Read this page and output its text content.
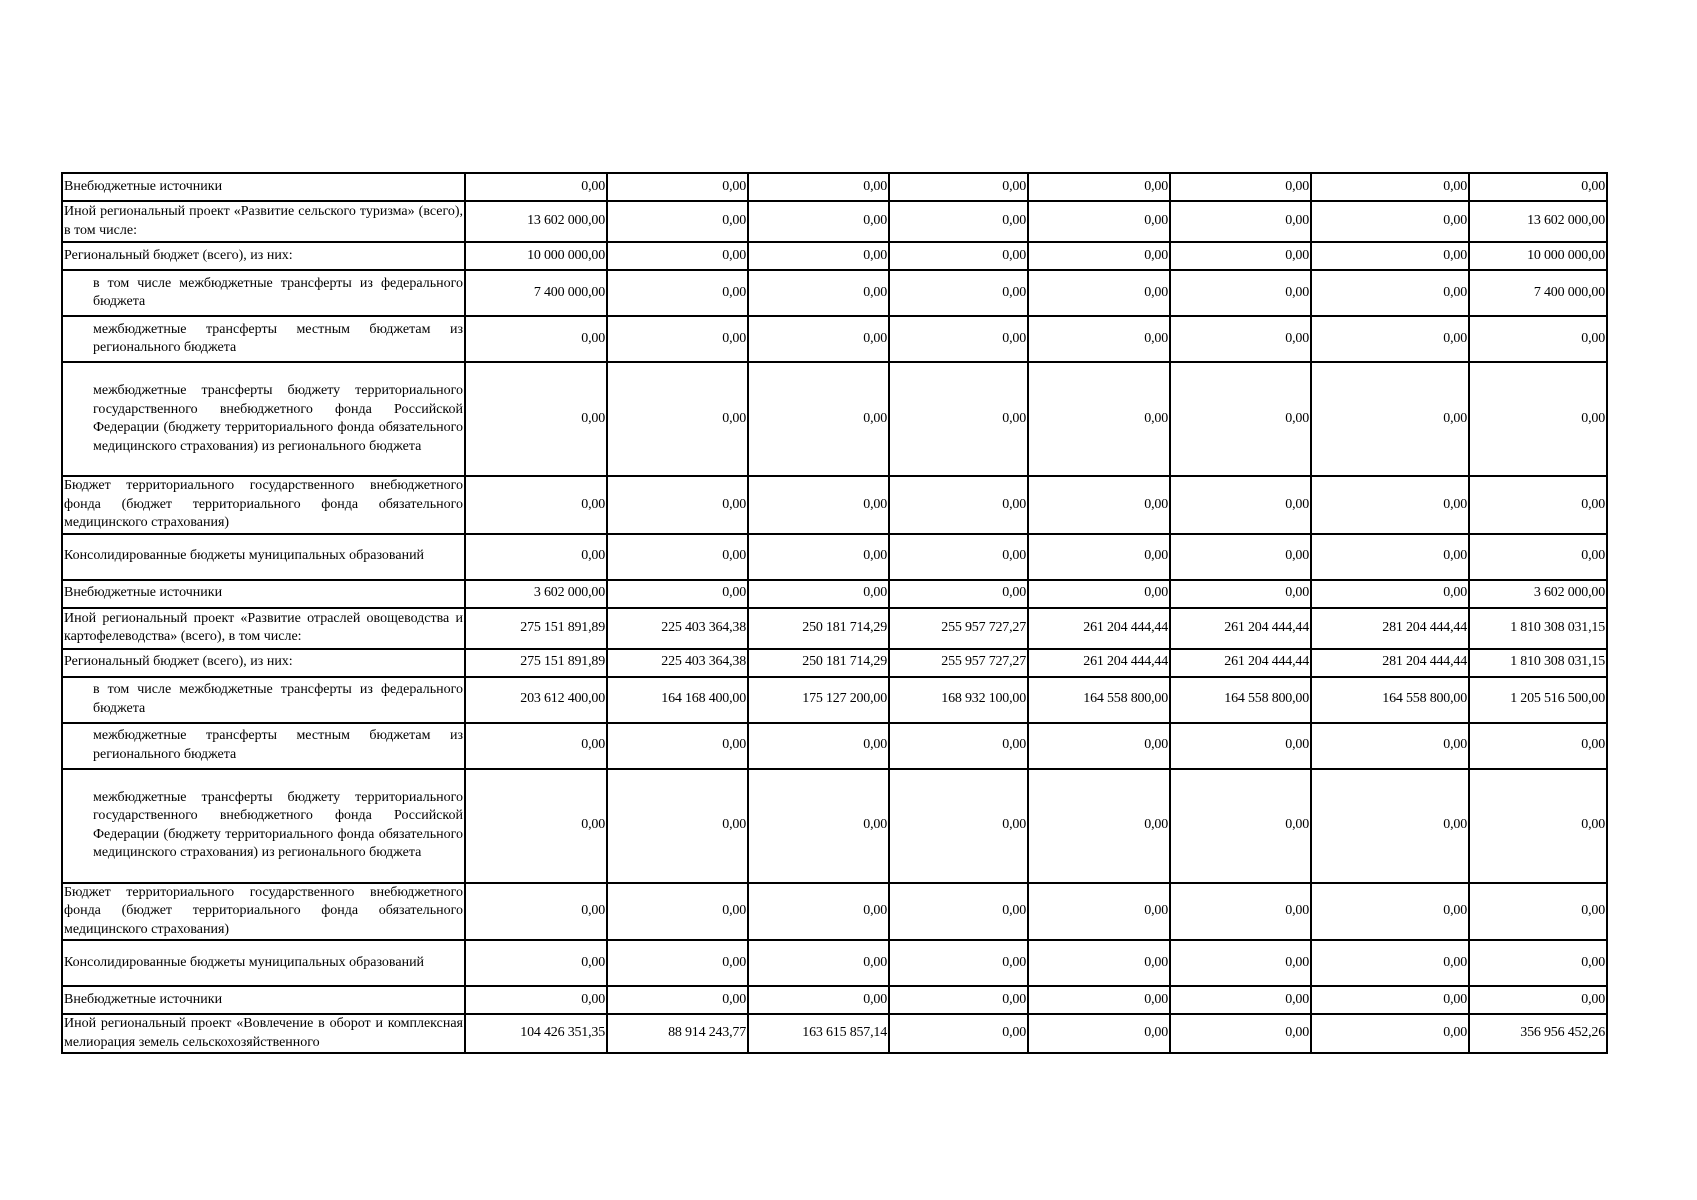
Внебюджетные источники	0,00	0,00	0,00	0,00	0,00	0,00	0,00	0,00
Иной региональный проект «Развитие сельского туризма» (всего), в том числе:	13 602 000,00	0,00	0,00	0,00	0,00	0,00	0,00	13 602 000,00
Региональный бюджет (всего), из них:	10 000 000,00	0,00	0,00	0,00	0,00	0,00	0,00	10 000 000,00
в том числе межбюджетные трансферты из федерального бюджета	7 400 000,00	0,00	0,00	0,00	0,00	0,00	0,00	7 400 000,00
межбюджетные трансферты местным бюджетам из регионального бюджета	0,00	0,00	0,00	0,00	0,00	0,00	0,00	0,00
межбюджетные трансферты бюджету территориального государственного внебюджетного фонда Российской Федерации (бюджету территориального фонда обязательного медицинского страхования) из регионального бюджета	0,00	0,00	0,00	0,00	0,00	0,00	0,00	0,00
Бюджет территориального государственного внебюджетного фонда (бюджет территориального фонда обязательного медицинского страхования)	0,00	0,00	0,00	0,00	0,00	0,00	0,00	0,00
Консолидированные бюджеты муниципальных образований	0,00	0,00	0,00	0,00	0,00	0,00	0,00	0,00
Внебюджетные источники	3 602 000,00	0,00	0,00	0,00	0,00	0,00	0,00	3 602 000,00
Иной региональный проект «Развитие отраслей овощеводства и картофелеводства» (всего), в том числе:	275 151 891,89	225 403 364,38	250 181 714,29	255 957 727,27	261 204 444,44	261 204 444,44	281 204 444,44	1 810 308 031,15
Региональный бюджет (всего), из них:	275 151 891,89	225 403 364,38	250 181 714,29	255 957 727,27	261 204 444,44	261 204 444,44	281 204 444,44	1 810 308 031,15
в том числе межбюджетные трансферты из федерального бюджета	203 612 400,00	164 168 400,00	175 127 200,00	168 932 100,00	164 558 800,00	164 558 800,00	164 558 800,00	1 205 516 500,00
межбюджетные трансферты местным бюджетам из регионального бюджета	0,00	0,00	0,00	0,00	0,00	0,00	0,00	0,00
межбюджетные трансферты бюджету территориального государственного внебюджетного фонда Российской Федерации (бюджету территориального фонда обязательного медицинского страхования) из регионального бюджета	0,00	0,00	0,00	0,00	0,00	0,00	0,00	0,00
Бюджет территориального государственного внебюджетного фонда (бюджет территориального фонда обязательного медицинского страхования)	0,00	0,00	0,00	0,00	0,00	0,00	0,00	0,00
Консолидированные бюджеты муниципальных образований	0,00	0,00	0,00	0,00	0,00	0,00	0,00	0,00
Внебюджетные источники	0,00	0,00	0,00	0,00	0,00	0,00	0,00	0,00
Иной региональный проект «Вовлечение в оборот и комплексная мелиорация земель сельскохозяйственного	104 426 351,35	88 914 243,77	163 615 857,14	0,00	0,00	0,00	0,00	356 956 452,26
